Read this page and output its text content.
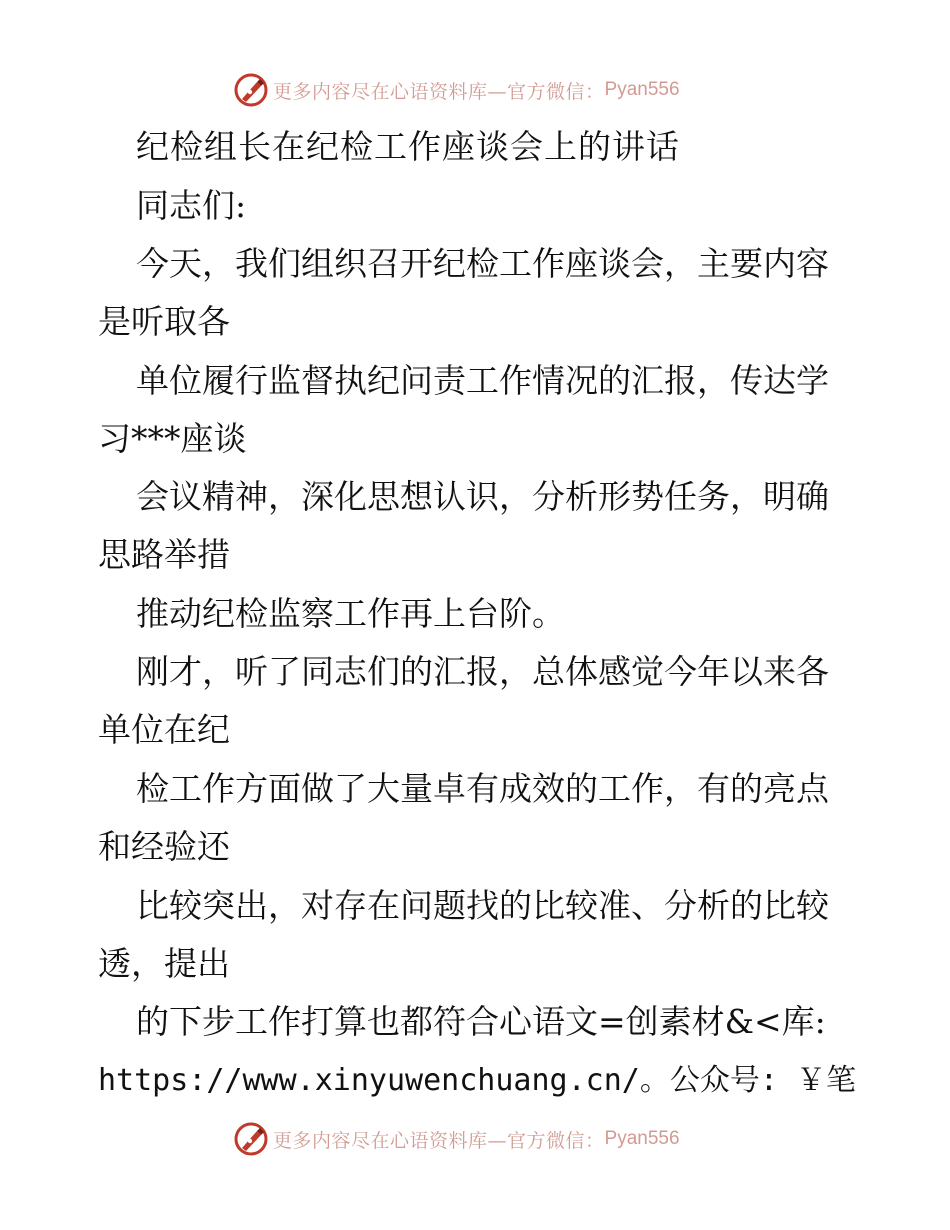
更多内容尽在心语资料库—官方微信： Pyan556
纪检组长在纪检工作座谈会上的讲话
同志们:
今天，我们组织召开纪检工作座谈会，主要内容
是听取各
单位履行监督执纪问责工作情况的汇报，传达学
习***座谈
会议精神，深化思想认识，分析形势任务，明确
思路举措
推动纪检监察工作再上台阶。
刚才，听了同志们的汇报，总体感觉今年以来各
单位在纪
检工作方面做了大量卓有成效的工作，有的亮点
和经验还
比较突出，对存在问题找的比较准、分析的比较
透，提出
的下步工作打算也都符合心语文=创素材&<库:
https://www.xinyuwenchuang.cn/。公众号: ￥笔
更多内容尽在心语资料库—官方微信： Pyan556
